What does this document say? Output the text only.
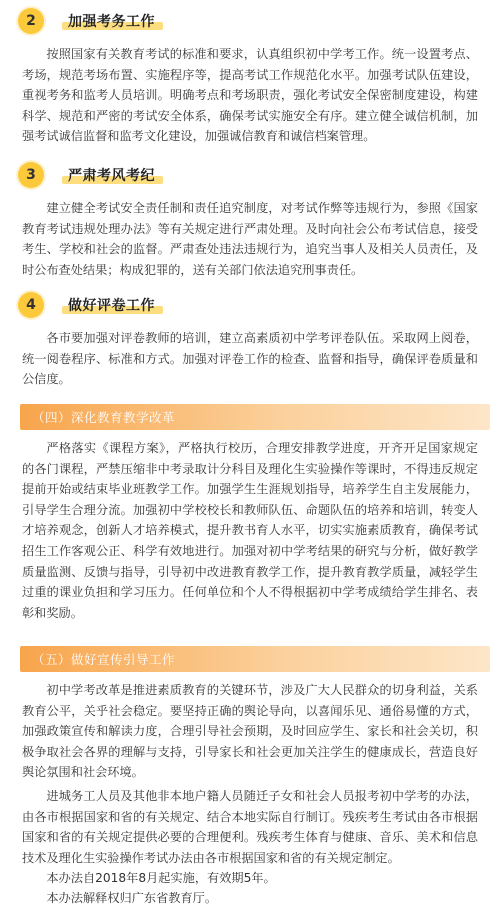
2	加强考务工作

按照国家有关教育考试的标准和要求，认真组织初中学考工作。统一设置考点、考场，规范考场布置、实施程序等，提高考试工作规范化水平。加强考试队伍建设，重视考务和监考人员培训。明确考点和考场职责，强化考试安全保密制度建设，构建科学、规范和严密的考试安全体系，确保考试实施安全有序。建立健全诚信机制，加强考试诚信监督和监考文化建设，加强诚信教育和诚信档案管理。

3	严肃考风考纪

建立健全考试安全责任制和责任追究制度，对考试作弊等违规行为，参照《国家教育考试违规处理办法》等有关规定进行严肃处理。及时向社会公布考试信息，接受考生、学校和社会的监督。严肃查处违法违规行为，追究当事人及相关人员责任，及时公布查处结果；构成犯罪的，送有关部门依法追究刑事责任。

4	做好评卷工作

各市要加强对评卷教师的培训，建立高素质初中学考评卷队伍。采取网上阅卷，统一阅卷程序、标准和方式。加强对评卷工作的检查、监督和指导，确保评卷质量和公信度。

（四）深化教育教学改革

严格落实《课程方案》，严格执行校历，合理安排教学进度，开齐开足国家规定的各门课程，严禁压缩非中考录取计分科目及理化生实验操作等课时，不得违反规定提前开始或结束毕业班教学工作。加强学生生涯规划指导，培养学生自主发展能力，引导学生合理分流。加强初中学校校长和教师队伍、命题队伍的培养和培训，转变人才培养观念，创新人才培养模式，提升教书育人水平，切实实施素质教育，确保考试招生工作客观公正、科学有效地进行。加强对初中学考结果的研究与分析，做好教学质量监测、反馈与指导，引导初中改进教育教学工作，提升教育教学质量，减轻学生过重的课业负担和学习压力。任何单位和个人不得根据初中学考成绩给学生排名、表彰和奖励。

（五）做好宣传引导工作

初中学考改革是推进素质教育的关键环节，涉及广大人民群众的切身利益，关系教育公平，关乎社会稳定。要坚持正确的舆论导向，以喜闻乐见、通俗易懂的方式，加强政策宣传和解读力度，合理引导社会预期，及时回应学生、家长和社会关切，积极争取社会各界的理解与支持，引导家长和社会更加关注学生的健康成长，营造良好舆论氛围和社会环境。

进城务工人员及其他非本地户籍人员随迁子女和社会人员报考初中学考的办法，由各市根据国家和省的有关规定、结合本地实际自行制订。残疾考生考试由各市根据国家和省的有关规定提供必要的合理便利。残疾考生体育与健康、音乐、美术和信息技术及理化生实验操作考试办法由各市根据国家和省的有关规定制定。

本办法自2018年8月起实施，有效期5年。

本办法解释权归广东省教育厅。
